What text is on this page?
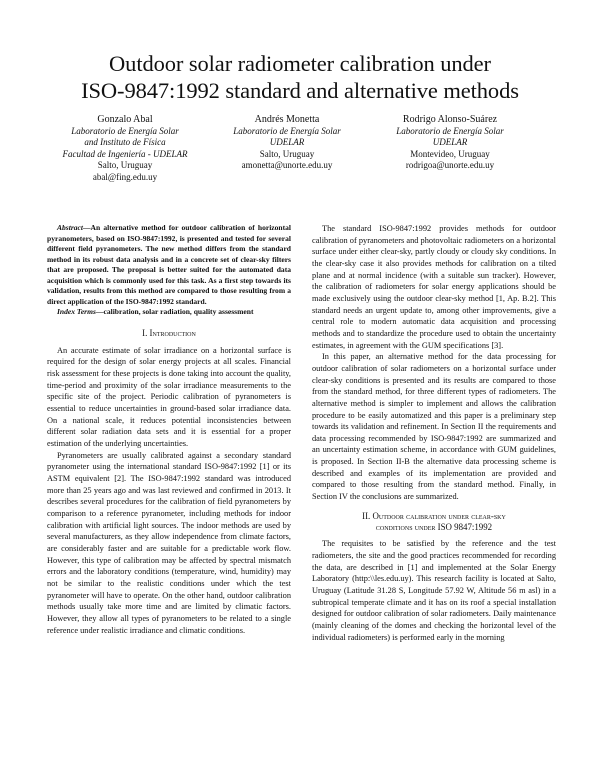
Outdoor solar radiometer calibration under
ISO-9847:1992 standard and alternative methods
Gonzalo Abal
Laboratorio de Energía Solar
and Instituto de Física
Facultad de Ingeniería - UDELAR
Salto, Uruguay
abal@fing.edu.uy
Andrés Monetta
Laboratorio de Energía Solar
UDELAR
Salto, Uruguay
amonetta@unorte.edu.uy
Rodrigo Alonso-Suárez
Laboratorio de Energía Solar
UDELAR
Montevideo, Uruguay
rodrigoa@unorte.edu.uy

Abstract—An alternative method for outdoor calibration of horizontal pyranometers, based on ISO-9847:1992, is presented and tested for several different field pyranometers. The new method differs from the standard method in its robust data analysis and in a concrete set of clear-sky filters that are proposed. The proposal is better suited for the automated data acquisition which is commonly used for this task. As a first step towards its validation, results from this method are compared to those resulting from a direct application of the ISO-9847:1992 standard.

Index Terms—calibration, solar radiation, quality assessment

I. Introduction

An accurate estimate of solar irradiance on a horizontal surface is required for the design of solar energy projects at all scales. Financial risk assessment for these projects is done taking into account the quality, time-period and proximity of the solar irradiance measurements to the specific site of the project. Periodic calibration of pyranometers is essential to reduce uncertainties in ground-based solar irradiance data. On a national scale, it reduces potential inconsistencies between different solar radiation data sets and it is essential for a proper estimation of the underlying uncertainties.

Pyranometers are usually calibrated against a secondary standard pyranometer using the international standard ISO-9847:1992 [1] or its ASTM equivalent [2]. The ISO-9847:1992 standard was introduced more than 25 years ago and was last reviewed and confirmed in 2013. It describes several procedures for the calibration of field pyranometers by comparison to a reference pyranometer, including methods for indoor calibration with artificial light sources. The indoor methods are used by several manufacturers, as they allow independence from climate factors, are considerably faster and are suitable for a predictable work flow. However, this type of calibration may be affected by spectral mismatch errors and the laboratory conditions (temperature, wind, humidity) may not be similar to the realistic conditions under which the test pyranometer will have to operate. On the other hand, outdoor calibration methods usually take more time and are limited by climatic factors. However, they allow all types of pyranometers to be related to a single reference under realistic irradiance and climatic conditions.

The standard ISO-9847:1992 provides methods for outdoor calibration of pyranometers and photovoltaic radiometers on a horizontal surface under either clear-sky, partly cloudy or cloudy sky conditions. In the clear-sky case it also provides methods for calibration on a tilted plane and at normal incidence (with a suitable sun tracker). However, the calibration of radiometers for solar energy applications should be made exclusively using the outdoor clear-sky method [1, Ap. B.2]. This standard needs an urgent update to, among other improvements, give a central role to modern automatic data acquisition and processing methods and to standardize the procedure used to obtain the uncertainty estimates, in agreement with the GUM specifications [3].

In this paper, an alternative method for the data processing for outdoor calibration of solar radiometers on a horizontal surface under clear-sky conditions is presented and its results are compared to those from the standard method, for three different types of radiometers. The alternative method is simpler to implement and allows the calibration procedure to be easily automatized and this paper is a preliminary step towards its validation and refinement. In Section II the requirements and data processing recommended by ISO-9847:1992 are summarized and an uncertainty estimation scheme, in accordance with GUM guidelines, is proposed. In Section II-B the alternative data processing scheme is described and examples of its implementation are provided and compared to those resulting from the standard method. Finally, in Section IV the conclusions are summarized.

II. Outdoor calibration under clear-sky
conditions under ISO 9847:1992

The requisites to be satisfied by the reference and the test radiometers, the site and the good practices recommended for recording the data, are described in [1] and implemented at the Solar Energy Laboratory (http:\\les.edu.uy). This research facility is located at Salto, Uruguay (Latitude 31.28 S, Longitude 57.92 W, Altitude 56 m asl) in a subtropical temperate climate and it has on its roof a special installation designed for outdoor calibration of solar radiometers. Daily maintenance (mainly cleaning of the domes and checking the horizontal level of the individual radiometers) is performed early in the morning
